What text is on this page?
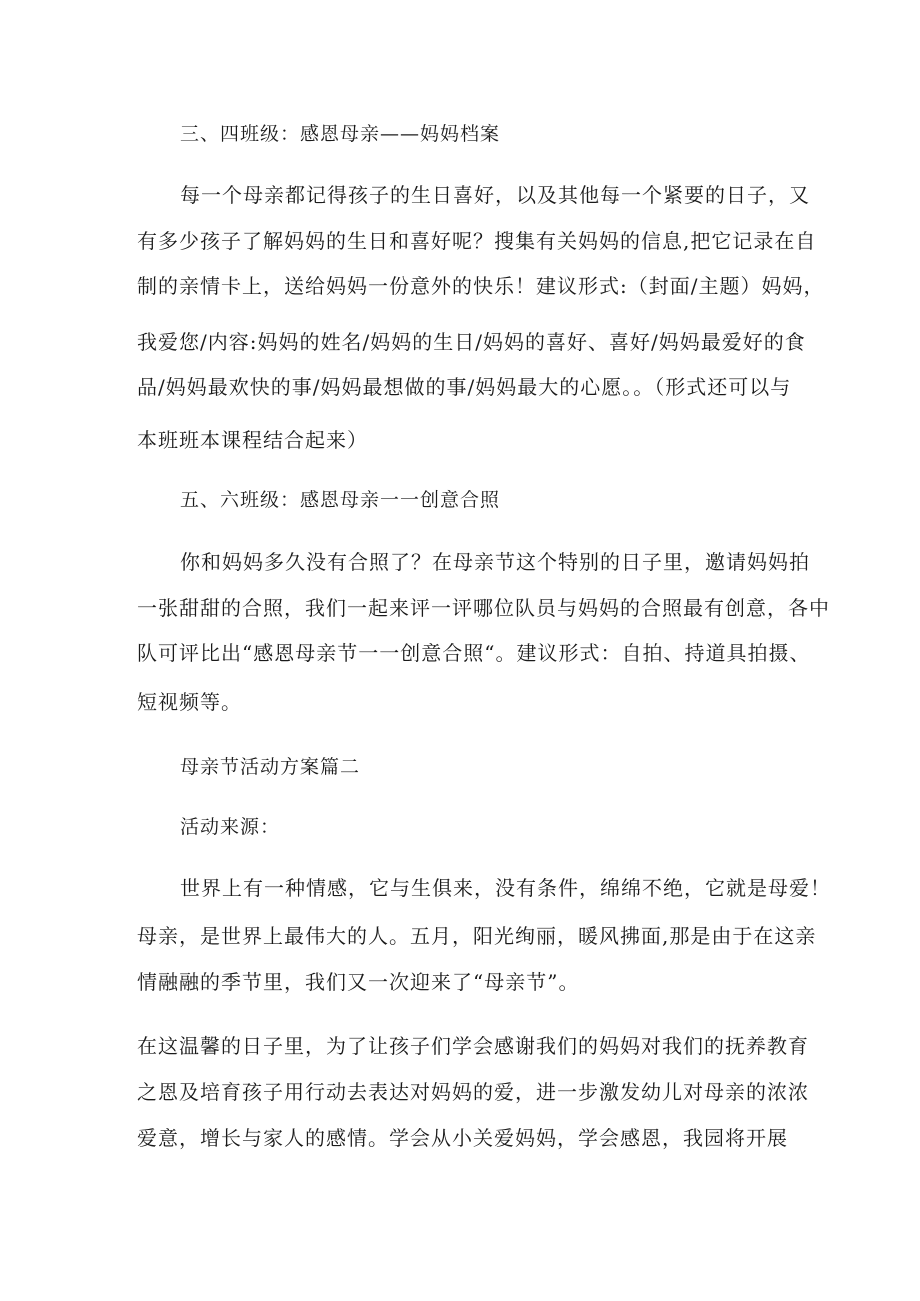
三、四班级：感恩母亲——妈妈档案
每一个母亲都记得孩子的生日喜好，以及其他每一个紧要的日子，又
有多少孩子了解妈妈的生日和喜好呢？搜集有关妈妈的信息,把它记录在自
制的亲情卡上，送给妈妈一份意外的快乐！建议形式:（封面/主题）妈妈，
我爱您/内容:妈妈的姓名/妈妈的生日/妈妈的喜好、喜好/妈妈最爱好的食
品/妈妈最欢快的事/妈妈最想做的事/妈妈最大的心愿。。（形式还可以与
本班班本课程结合起来）
五、六班级：感恩母亲一一创意合照
你和妈妈多久没有合照了？在母亲节这个特别的日子里，邀请妈妈拍
一张甜甜的合照，我们一起来评一评哪位队员与妈妈的合照最有创意，各中
队可评比出“感恩母亲节一一创意合照“。建议形式：自拍、持道具拍摄、
短视频等。
母亲节活动方案篇二
活动来源：
世界上有一种情感，它与生俱来，没有条件，绵绵不绝，它就是母爱！
母亲，是世界上最伟大的人。五月，阳光绚丽，暖风拂面,那是由于在这亲
情融融的季节里，我们又一次迎来了“母亲节”。
在这温馨的日子里，为了让孩子们学会感谢我们的妈妈对我们的抚养教育
之恩及培育孩子用行动去表达对妈妈的爱，进一步激发幼儿对母亲的浓浓
爱意，增长与家人的感情。学会从小关爱妈妈，学会感恩，我园将开展
